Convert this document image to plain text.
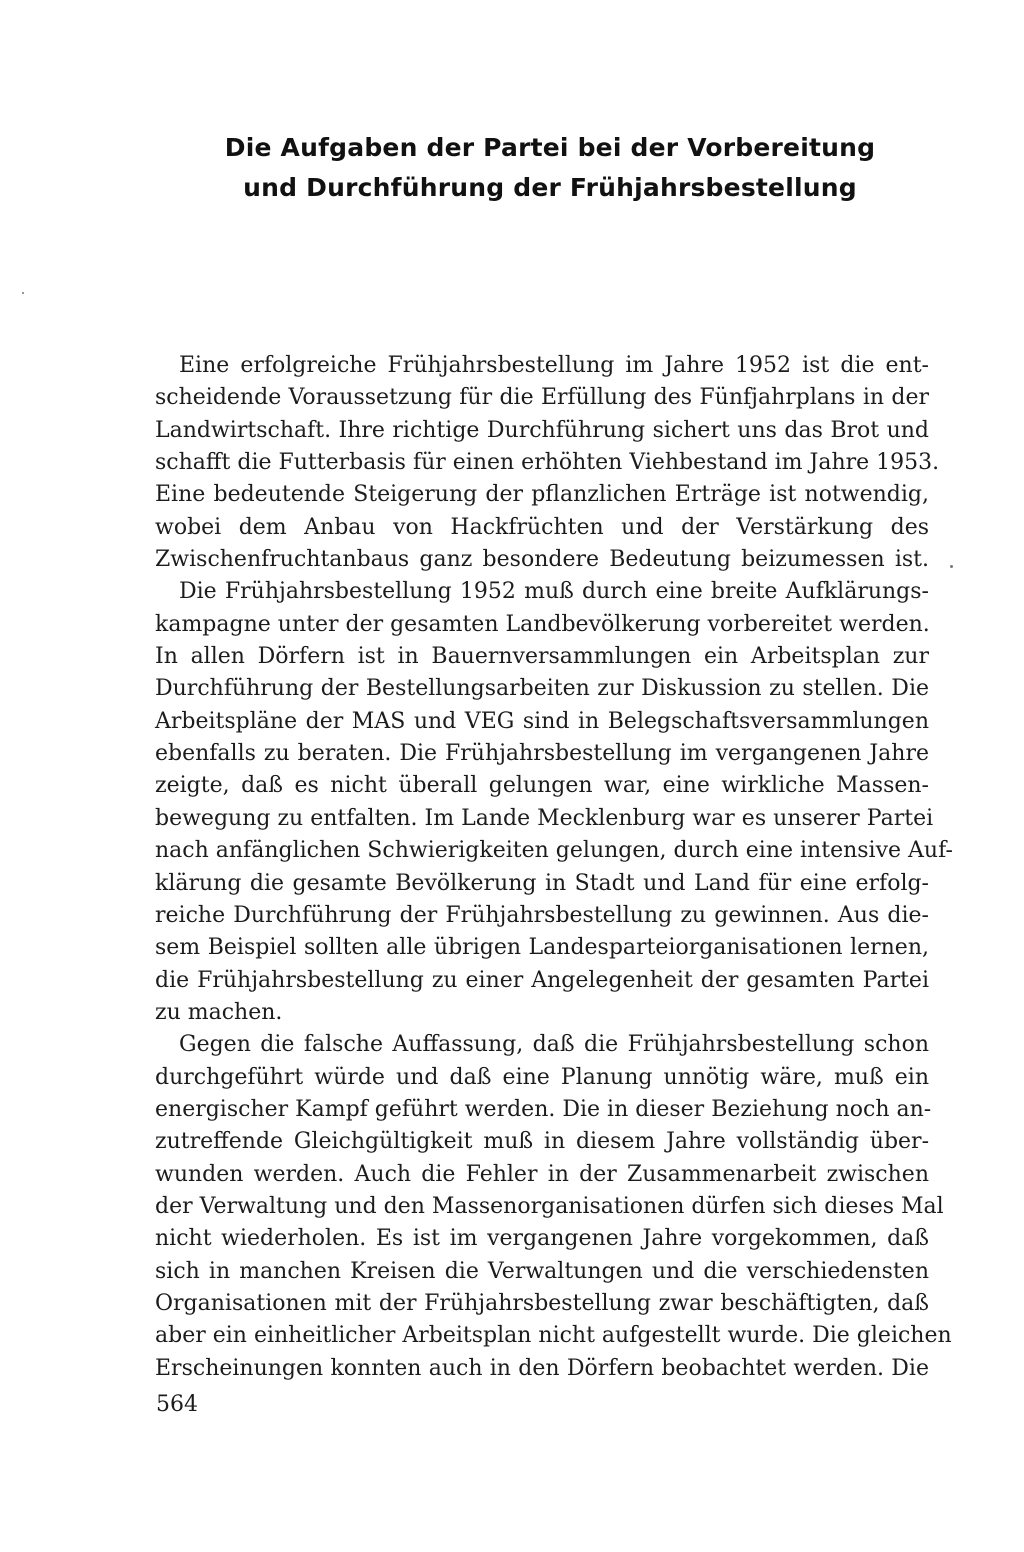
Die Aufgaben der Partei bei der Vorbereitung
und Durchführung der Frühjahrsbestellung
Eine erfolgreiche Frühjahrsbestellung im Jahre 1952 ist die ent-
scheidende Voraussetzung für die Erfüllung des Fünfjahrplans in der
Landwirtschaft. Ihre richtige Durchführung sichert uns das Brot und
schafft die Futterbasis für einen erhöhten Viehbestand im Jahre 1953.
Eine bedeutende Steigerung der pflanzlichen Erträge ist notwendig,
wobei dem Anbau von Hackfrüchten und der Verstärkung des
Zwischenfruchtanbaus ganz besondere Bedeutung beizumessen ist.
Die Frühjahrsbestellung 1952 muß durch eine breite Aufklärungs-
kampagne unter der gesamten Landbevölkerung vorbereitet werden.
In allen Dörfern ist in Bauernversammlungen ein Arbeitsplan zur
Durchführung der Bestellungsarbeiten zur Diskussion zu stellen. Die
Arbeitspläne der MAS und VEG sind in Belegschaftsversammlungen
ebenfalls zu beraten. Die Frühjahrsbestellung im vergangenen Jahre
zeigte, daß es nicht überall gelungen war, eine wirkliche Massen-
bewegung zu entfalten. Im Lande Mecklenburg war es unserer Partei
nach anfänglichen Schwierigkeiten gelungen, durch eine intensive Auf-
klärung die gesamte Bevölkerung in Stadt und Land für eine erfolg-
reiche Durchführung der Frühjahrsbestellung zu gewinnen. Aus die-
sem Beispiel sollten alle übrigen Landesparteiorganisationen lernen,
die Frühjahrsbestellung zu einer Angelegenheit der gesamten Partei
zu machen.
Gegen die falsche Auffassung, daß die Frühjahrsbestellung schon
durchgeführt würde und daß eine Planung unnötig wäre, muß ein
energischer Kampf geführt werden. Die in dieser Beziehung noch an-
zutreffende Gleichgültigkeit muß in diesem Jahre vollständig über-
wunden werden. Auch die Fehler in der Zusammenarbeit zwischen
der Verwaltung und den Massenorganisationen dürfen sich dieses Mal
nicht wiederholen. Es ist im vergangenen Jahre vorgekommen, daß
sich in manchen Kreisen die Verwaltungen und die verschiedensten
Organisationen mit der Frühjahrsbestellung zwar beschäftigten, daß
aber ein einheitlicher Arbeitsplan nicht aufgestellt wurde. Die gleichen
Erscheinungen konnten auch in den Dörfern beobachtet werden. Die
564
